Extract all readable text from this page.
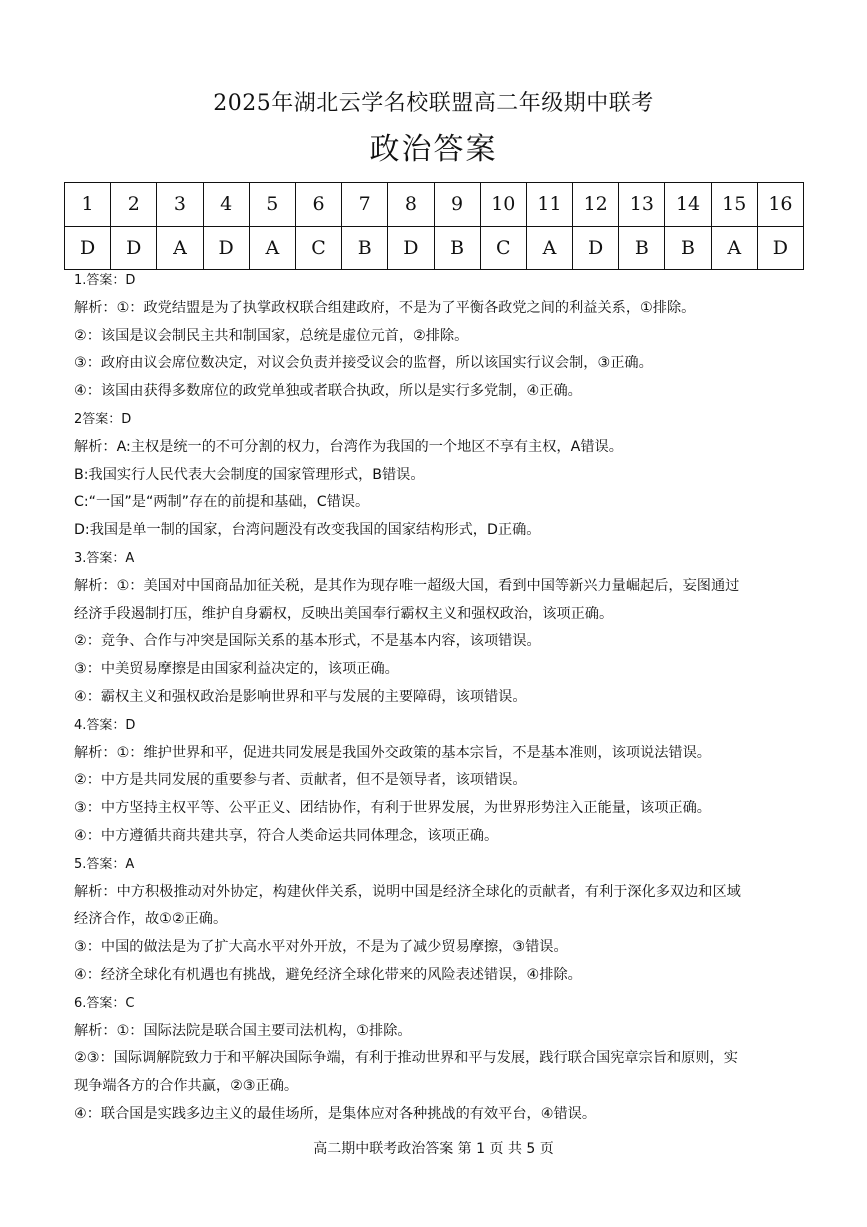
2025年湖北云学名校联盟高二年级期中联考
政治答案
1	2	3	4	5	6	7	8	9	10	11	12	13	14	15	16
D	D	A	D	A	C	B	D	B	C	A	D	B	B	A	D
1.答案：D
解析：①：政党结盟是为了执掌政权联合组建政府，不是为了平衡各政党之间的利益关系，①排除。
②：该国是议会制民主共和制国家，总统是虚位元首，②排除。
③：政府由议会席位数决定，对议会负责并接受议会的监督，所以该国实行议会制，③正确。
④：该国由获得多数席位的政党单独或者联合执政，所以是实行多党制，④正确。
2答案：D
解析：A:主权是统一的不可分割的权力，台湾作为我国的一个地区不享有主权，A错误。
B:我国实行人民代表大会制度的国家管理形式，B错误。
C:“一国”是“两制”存在的前提和基础，C错误。
D:我国是单一制的国家，台湾问题没有改变我国的国家结构形式，D正确。
3.答案：A
解析：①：美国对中国商品加征关税，是其作为现存唯一超级大国，看到中国等新兴力量崛起后，妄图通过
经济手段遏制打压，维护自身霸权，反映出美国奉行霸权主义和强权政治，该项正确。
②：竞争、合作与冲突是国际关系的基本形式，不是基本内容，该项错误。
③：中美贸易摩擦是由国家利益决定的，该项正确。
④：霸权主义和强权政治是影响世界和平与发展的主要障碍，该项错误。
4.答案：D
解析：①：维护世界和平，促进共同发展是我国外交政策的基本宗旨，不是基本准则，该项说法错误。
②：中方是共同发展的重要参与者、贡献者，但不是领导者，该项错误。
③：中方坚持主权平等、公平正义、团结协作，有利于世界发展，为世界形势注入正能量，该项正确。
④：中方遵循共商共建共享，符合人类命运共同体理念，该项正确。
5.答案：A
解析：中方积极推动对外协定，构建伙伴关系，说明中国是经济全球化的贡献者，有利于深化多双边和区域
经济合作，故①②正确。
③：中国的做法是为了扩大高水平对外开放，不是为了减少贸易摩擦，③错误。
④：经济全球化有机遇也有挑战，避免经济全球化带来的风险表述错误，④排除。
6.答案：C
解析：①：国际法院是联合国主要司法机构，①排除。
②③：国际调解院致力于和平解决国际争端，有利于推动世界和平与发展，践行联合国宪章宗旨和原则，实
现争端各方的合作共赢，②③正确。
④：联合国是实践多边主义的最佳场所，是集体应对各种挑战的有效平台，④错误。
高二期中联考政治答案 第 1 页 共 5 页
